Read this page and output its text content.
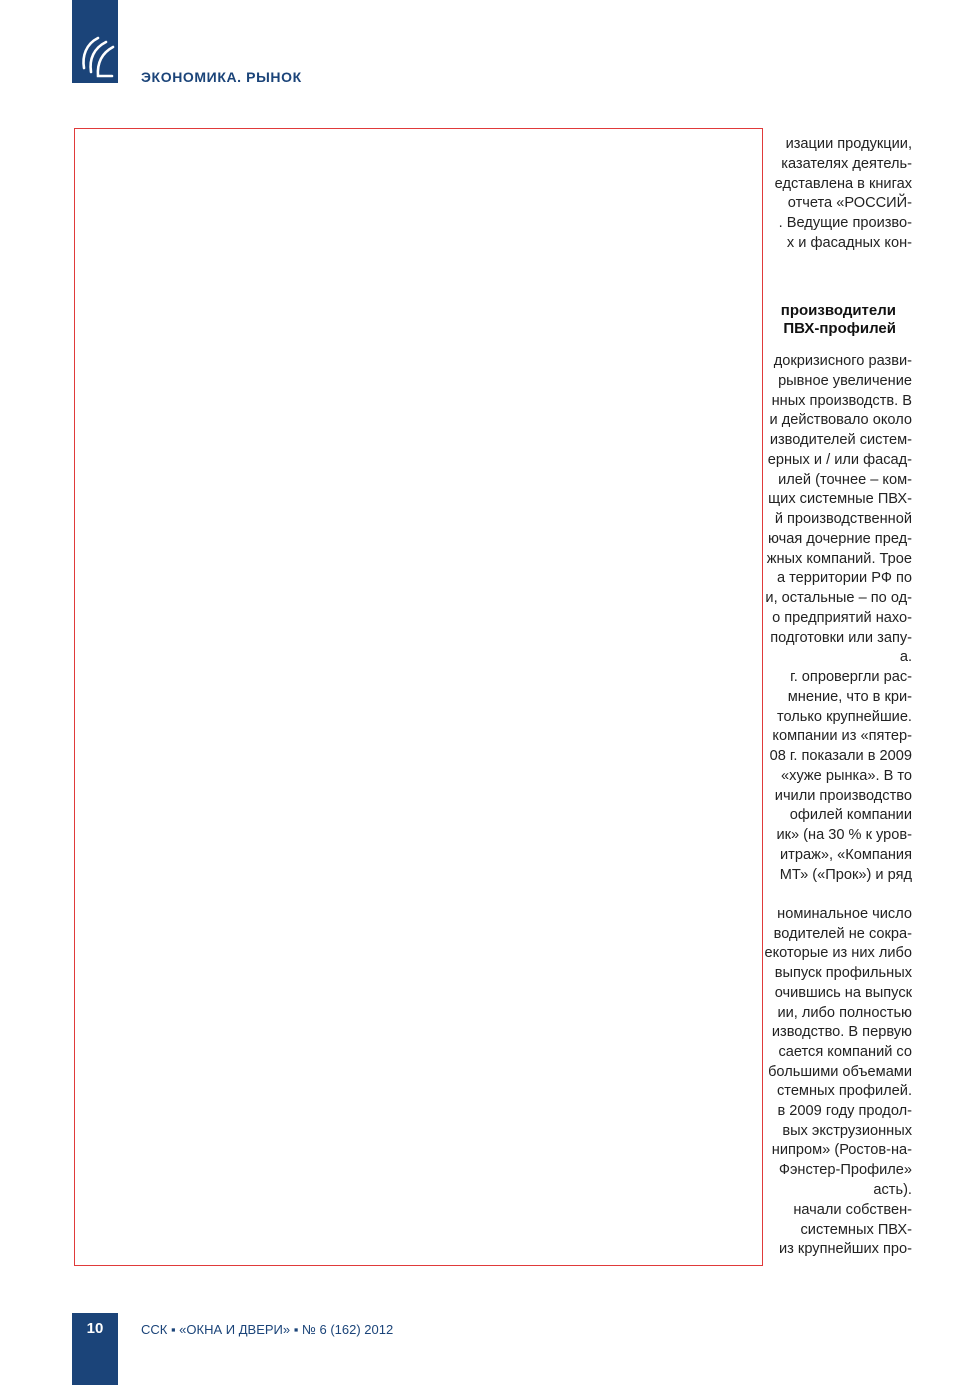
ЭКОНОМИКА. РЫНОК
изации продукции,
казателях деятель-
едставлена в книгах
отчета «РОССИЙ-
. Ведущие произво-
х и фасадных кон-
производители
ПВХ-профилей
докризисного разви-
рывное увеличение
нных производств. В
и действовало около
изводителей систем-
ерных и / или фасад-
илей (точнее – ком-
щих системные ПВХ-
й производственной
ючая дочерние пред-
жных компаний. Трое
а территории РФ по
и, остальные – по од-
о предприятий нахо-
подготовки или запу-
а.
г. опровергли рас-
мнение, что в кри-
только крупнейшие.
компании из «пятер-
08 г. показали в 2009
«хуже рынка». В то
ичили производство
офилей компании
ик» (на 30 % к уров-
итраж», «Компания
МТ» («Прок») и ряд
номинальное число
водителей не сокра-
екоторые из них либо
выпуск профильных
очившись на выпуск
ии, либо полностью
изводство. В первую
сается компаний со
большими объемами
стемных профилей.
в 2009 году продол-
вых экструзионных
нипром» (Ростов-на-
Фэнстер-Профиле»
асть).
начали собствен-
системных ПВХ-
из крупнейших про-
10	ССК ▪ «ОКНА И ДВЕРИ» ▪ № 6 (162) 2012
